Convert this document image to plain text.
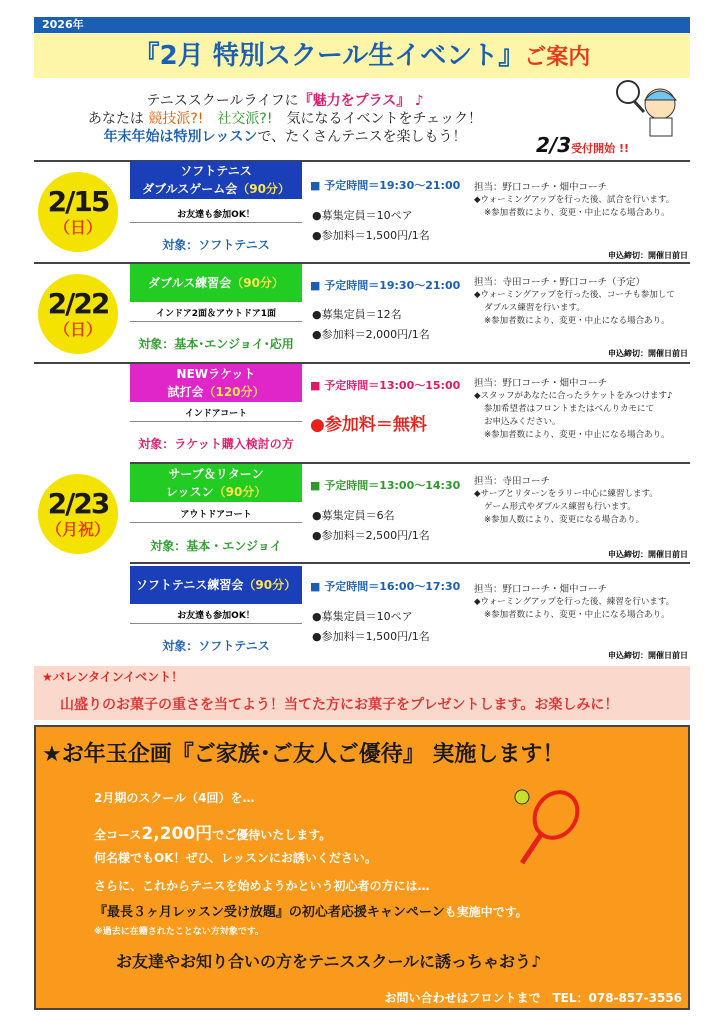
2026年
『2月 特別スクール生イベント』ご案内
テニススクールライフに『魅力をプラス』 ♪
あなたは 競技派?!　 社交派?!　 気になるイベントをチェック！
年末年始は特別レッスンで、たくさんテニスを楽しもう！	2/3受付開始 !!
2/15
（日）
ソフトテニス
ダブルスゲーム会（90分）
お友達も参加OK！
対象：ソフトテニス
■ 予定時間＝19:30～21:00
●募集定員＝10ペア
●参加料＝1,500円/1名
担当：野口コーチ・畑中コーチ
◆ウォーミングアップを行った後、試合を行います。
※参加者数により、変更・中止になる場合あり。
申込締切：開催日前日
2/22
（日）
ダブルス練習会（90分）
インドア2面＆アウトドア1面
対象：基本･エンジョイ･応用
■ 予定時間＝19:30～21:00
●募集定員＝12名
●参加料＝2,000円/1名
担当：寺田コーチ・野口コーチ（予定）
◆ウォーミングアップを行った後、コーチも参加して
ダブルス練習を行います。
※参加者数により、変更・中止になる場合あり。
申込締切：開催日前日
2/23
（月祝）
NEWラケット
試打会（120分）
インドアコート
対象：ラケット購入検討の方
■ 予定時間＝13:00～15:00
●参加料＝無料
担当：野口コーチ・畑中コーチ
◆スタッフがあなたに合ったラケットをみつけます♪
参加希望者はフロントまたはべんりカモにて
お申込みください。
※参加者数により、変更・中止になる場合あり。
サーブ＆リターン
レッスン（90分）
アウトドアコート
対象：基本・エンジョイ
■ 予定時間＝13:00～14:30
●募集定員＝6名
●参加料＝2,500円/1名
担当：寺田コーチ
◆サーブとリターンをラリー中心に練習します。
ゲーム形式やダブルス練習も行います。
※参加人数により、変更になる場合あり。
申込締切：開催日前日
ソフトテニス練習会（90分）
お友達も参加OK！
対象：ソフトテニス
■ 予定時間＝16:00～17:30
●募集定員＝10ペア
●参加料＝1,500円/1名
担当：野口コーチ・畑中コーチ
◆ウォーミングアップを行った後、練習を行います。
※参加者数により、変更・中止になる場合あり。
申込締切：開催日前日
★バレンタインイベント！
山盛りのお菓子の重さを当てよう！当てた方にお菓子をプレゼントします。お楽しみに！
★お年玉企画『ご家族･ご友人ご優待』 実施します！
2月期のスクール（4回）を…
全コース2,200円でご優待いたします。
何名様でもOK！ぜひ、レッスンにお誘いください。
さらに、これからテニスを始めようかという初心者の方には…
『最長３ヶ月レッスン受け放題』の初心者応援キャンペーンも実施中です。
※過去に在籍されたことない方対象です。
お友達やお知り合いの方をテニススクールに誘っちゃおう♪
お問い合わせはフロントまで　TEL：078-857-3556
